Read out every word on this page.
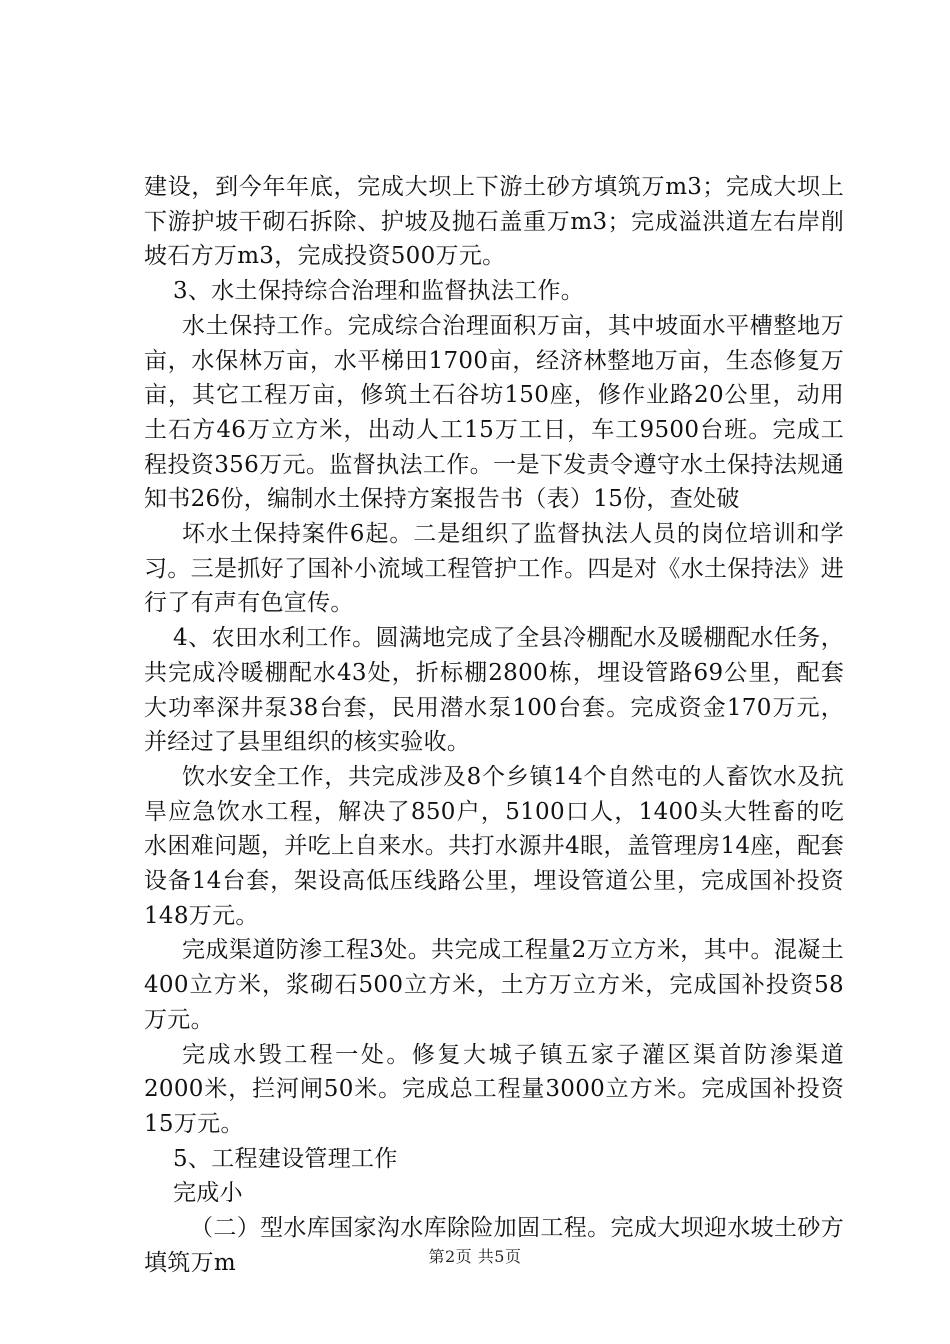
建设，到今年年底，完成大坝上下游土砂方填筑万m3；完成大坝上下游护坡干砌石拆除、护坡及抛石盖重万m3；完成溢洪道左右岸削坡石方万m3，完成投资500万元。

3、水土保持综合治理和监督执法工作。

水土保持工作。完成综合治理面积万亩，其中坡面水平槽整地万亩，水保林万亩，水平梯田1700亩，经济林整地万亩，生态修复万亩，其它工程万亩，修筑土石谷坊150座，修作业路20公里，动用土石方46万立方米，出动人工15万工日，车工9500台班。完成工程投资356万元。监督执法工作。一是下发责令遵守水土保持法规通知书26份，编制水土保持方案报告书（表）15份，查处破

坏水土保持案件6起。二是组织了监督执法人员的岗位培训和学习。三是抓好了国补小流域工程管护工作。四是对《水土保持法》进行了有声有色宣传。

4、农田水利工作。圆满地完成了全县冷棚配水及暖棚配水任务，共完成冷暖棚配水43处，折标棚2800栋，埋设管路69公里，配套大功率深井泵38台套，民用潜水泵100台套。完成资金170万元，并经过了县里组织的核实验收。

饮水安全工作，共完成涉及8个乡镇14个自然屯的人畜饮水及抗旱应急饮水工程，解决了850户，5100口人，1400头大牲畜的吃水困难问题，并吃上自来水。共打水源井4眼，盖管理房14座，配套设备14台套，架设高低压线路公里，埋设管道公里，完成国补投资148万元。

完成渠道防渗工程3处。共完成工程量2万立方米，其中。混凝土400立方米，浆砌石500立方米，土方万立方米，完成国补投资58万元。

完成水毁工程一处。修复大城子镇五家子灌区渠首防渗渠道2000米，拦河闸50米。完成总工程量3000立方米。完成国补投资15万元。

5、工程建设管理工作

完成小

（二）型水库国家沟水库除险加固工程。完成大坝迎水坡土砂方填筑万m	第2页 共5页
